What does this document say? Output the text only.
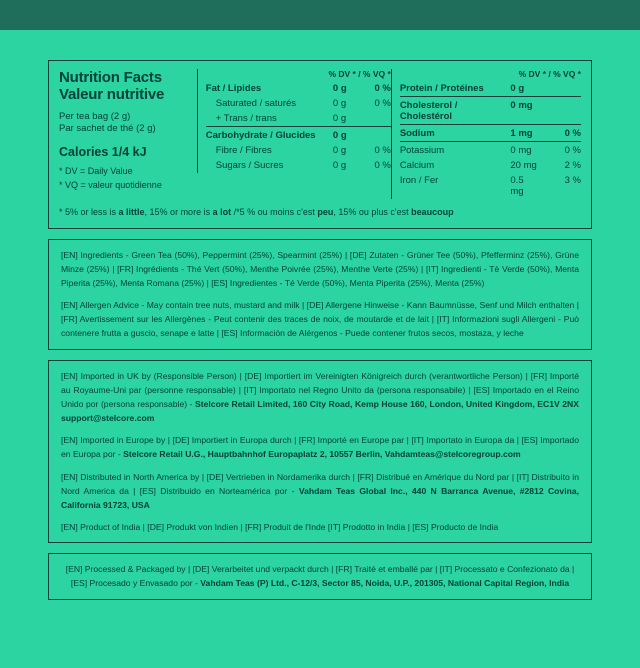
Nutrition Facts
Valeur nutritive
Per tea bag (2 g)
Par sachet de thé (2 g)
Calories 1/4 kJ
* DV = Daily Value
* VQ = valeur quotidienne
% DV * / % VQ *
Fat / Lipides	0 g	0 %
Saturated / saturés	0 g	0 %
+ Trans / trans	0 g	
Carbohydrate / Glucides	0 g	
Fibre / Fibres	0 g	0 %
Sugars / Sucres	0 g	0 %
% DV * / % VQ *
Protein / Protéines	0 g	
Cholesterol / Cholestérol	0 mg	
Sodium	1 mg	0 %
Potassium	0 mg	0 %
Calcium	20 mg	2 %
Iron / Fer	0.5 mg	3 %
* 5% or less is a little, 15% or more is a lot /*5 % ou moins c'est peu, 15% ou plus c'est beaucoup

[EN] Ingredients - Green Tea (50%), Peppermint (25%), Spearmint (25%) | [DE] Zutaten - Grüner Tee (50%), Pfefferminz (25%), Grüne Minze (25%) | [FR] Ingrédients - Thé Vert (50%), Menthe Poivrée (25%), Menthe Verte (25%) | [IT] Ingredienti - Tè Verde (50%), Menta Piperita (25%), Menta Romana (25%) | [ES] Ingredientes - Té Verde (50%), Menta Piperita (25%), Menta (25%)

[EN] Allergen Advice - May contain tree nuts, mustard and milk | [DE] Allergene Hinweise - Kann Baumnüsse, Senf und Milch enthalten | [FR] Avertissement sur les Allergènes - Peut contenir des traces de noix, de moutarde et de lait | [IT] Informazioni sugli Allergeni - Può contenere frutta a guscio, senape e latte | [ES] Información de Alérgenos - Puede contener frutos secos, mostaza, y leche

[EN] Imported in UK by (Responsible Person) | [DE] Importiert im Vereinigten Königreich durch (verantwortliche Person) | [FR] Importé au Royaume-Uni par (personne responsable) | [IT] Importato nel Regno Unito da (persona responsabile) | [ES] Importado en el Reino Unido por (persona responsable) - Stelcore Retail Limited, 160 City Road, Kemp House 160, London, United Kingdom, EC1V 2NX support@stelcore.com

[EN] Imported in Europe by | [DE] Importiert in Europa durch | [FR] Importé en Europe par | [IT] Importato in Europa da | [ES] Importado en Europa por - Stelcore Retail U.G., Hauptbahnhof Europaplatz 2, 10557 Berlin, Vahdamteas@stelcoregroup.com

[EN] Distributed in North America by | [DE] Vertrieben in Nordamerika durch | [FR] Distribué en Amérique du Nord par | [IT] Distribuito in Nord America da | [ES] Distribuido en Norteamérica por - Vahdam Teas Global Inc., 440 N Barranca Avenue, #2812 Covina, California 91723, USA

[EN] Product of India | [DE] Produkt von Indien | [FR] Produit de l'Inde [IT] Prodotto in India | [ES] Producto de India

[EN] Processed & Packaged by | [DE] Verarbeitet und verpackt durch | [FR] Traité et emballé par | [IT] Processato e Confezionato da | [ES] Procesado y Envasado por - Vahdam Teas (P) Ltd., C-12/3, Sector 85, Noida, U.P., 201305, National Capital Region, India
